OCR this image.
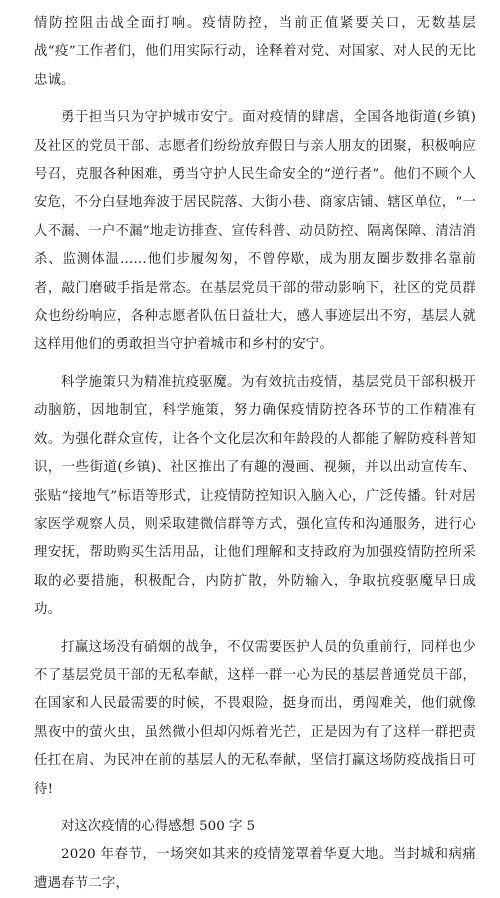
情防控阻击战全面打响。疫情防控，当前正值紧要关口，无数基层战“疫”工作者们，他们用实际行动，诠释着对党、对国家、对人民的无比忠诚。

勇于担当只为守护城市安宁。面对疫情的肆虐，全国各地街道(乡镇)及社区的党员干部、志愿者们纷纷放弃假日与亲人朋友的团聚，积极响应号召，克服各种困难，勇当守护人民生命安全的“逆行者”。他们不顾个人安危，不分白昼地奔波于居民院落、大街小巷、商家店铺、辖区单位，“一人不漏、一户不漏”地走访排查、宣传科普、动员防控、隔离保障、清洁消杀、监测体温……他们步履匆匆，不曾停歇，成为朋友圈步数排名靠前者，敲门磨破手指是常态。在基层党员干部的带动影响下，社区的党员群众也纷纷响应，各种志愿者队伍日益壮大，感人事迹层出不穷，基层人就这样用他们的勇敢担当守护着城市和乡村的安宁。

科学施策只为精准抗疫驱魔。为有效抗击疫情，基层党员干部积极开动脑筋，因地制宜，科学施策，努力确保疫情防控各环节的工作精准有效。为强化群众宣传，让各个文化层次和年龄段的人都能了解防疫科普知识，一些街道(乡镇)、社区推出了有趣的漫画、视频，并以出动宣传车、张贴“接地气”标语等形式，让疫情防控知识入脑入心，广泛传播。针对居家医学观察人员，则采取建微信群等方式，强化宣传和沟通服务，进行心理安抚，帮助购买生活用品，让他们理解和支持政府为加强疫情防控所采取的必要措施，积极配合，内防扩散，外防输入，争取抗疫驱魔早日成功。

打赢这场没有硝烟的战争，不仅需要医护人员的负重前行，同样也少不了基层党员干部的无私奉献，这样一群一心为民的基层普通党员干部，在国家和人民最需要的时候，不畏艰险，挺身而出，勇闯难关，他们就像黑夜中的萤火虫，虽然微小但却闪烁着光芒，正是因为有了这样一群把责任扛在肩、为民冲在前的基层人的无私奉献，坚信打赢这场防疫战指日可待!

对这次疫情的心得感想 500 字 5

2020 年春节，一场突如其来的疫情笼罩着华夏大地。当封城和病痛遭遇春节二字，
